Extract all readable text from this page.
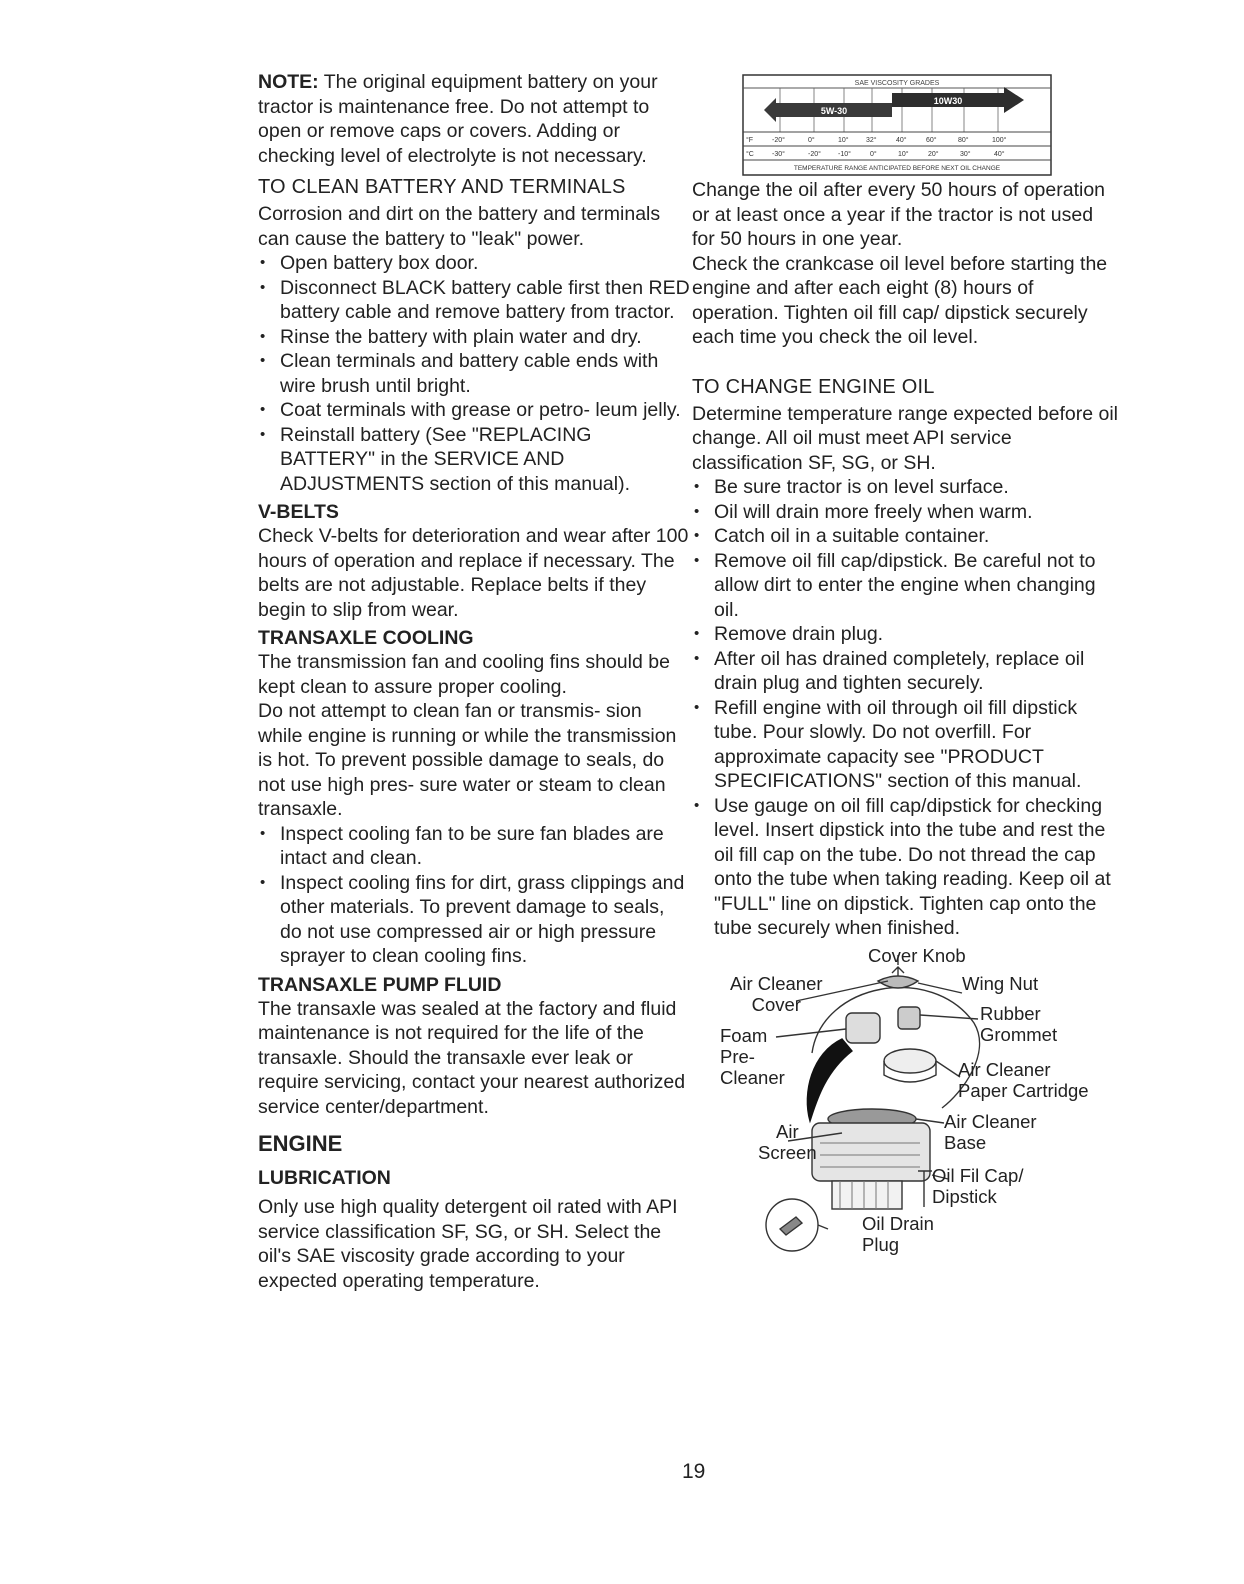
NOTE: The original equipment battery on your tractor is maintenance free. Do not attempt to open or remove caps or covers. Adding or checking level of electrolyte is not necessary.

TO CLEAN BATTERY AND TERMINALS

Corrosion and dirt on the battery and terminals can cause the battery to "leak" power.

• Open battery box door.
• Disconnect BLACK battery cable first then RED battery cable and remove battery from tractor.
• Rinse the battery with plain water and dry.
• Clean terminals and battery cable ends with wire brush until bright.
• Coat terminals with grease or petro- leum jelly.
• Reinstall battery (See "REPLACING BATTERY" in the SERVICE AND ADJUSTMENTS section of this manual).
V-BELTS

Check V-belts for deterioration and wear after 100 hours of operation and replace if necessary. The belts are not adjustable. Replace belts if they begin to slip from wear.

TRANSAXLE COOLING

The transmission fan and cooling fins should be kept clean to assure proper cooling.

Do not attempt to clean fan or transmis- sion while engine is running or while the transmission is hot. To prevent possible damage to seals, do not use high pres- sure water or steam to clean transaxle.

• Inspect cooling fan to be sure fan blades are intact and clean.
• Inspect cooling fins for dirt, grass clippings and other materials. To prevent damage to seals, do not use compressed air or high pressure sprayer to clean cooling fins.
TRANSAXLE PUMP FLUID

The transaxle was sealed at the factory and fluid maintenance is not required for the life of the transaxle. Should the transaxle ever leak or require servicing, contact your nearest authorized service center/department.

ENGINE
LUBRICATION

Only use high quality detergent oil rated with API service classification SF, SG, or SH. Select the oil's SAE viscosity grade according to your expected operating temperature.

SAE VISCOSITY GRADES
5W-30
10W30
°F	-20°	0°	10° 32°	40°	60°	80°	100°
°C	-30°	-20° -10°	0°	10°	20°	30°	40°
TEMPERATURE RANGE ANTICIPATED BEFORE NEXT OIL CHANGE

Change the oil after every 50 hours of operation or at least once a year if the tractor is not used for 50 hours in one year.

Check the crankcase oil level before starting the engine and after each eight (8) hours of operation. Tighten oil fill cap/ dipstick securely each time you check the oil level.

TO CHANGE ENGINE OIL

Determine temperature range expected before oil change. All oil must meet API service classification SF, SG, or SH.

• Be sure tractor is on level surface.
• Oil will drain more freely when warm.
• Catch oil in a suitable container.
• Remove oil fill cap/dipstick. Be careful not to allow dirt to enter the engine when changing oil.
• Remove drain plug.
• After oil has drained completely, replace oil drain plug and tighten securely.
• Refill engine with oil through oil fill dipstick tube. Pour slowly. Do not overfill. For approximate capacity see "PRODUCT SPECIFICATIONS" section of this manual.
• Use gauge on oil fill cap/dipstick for checking level. Insert dipstick into the tube and rest the oil fill cap on the tube. Do not thread the cap onto the tube when taking reading. Keep oil at "FULL" line on dipstick. Tighten cap onto the tube securely when finished.
Cover Knob
Air Cleaner
Cover
Wing Nut
Rubber
Grommet
Foam
Pre-
Cleaner	Air Cleaner
Paper Cartridge
Air Cleaner
Base
Air
Screen
Oil Fil Cap/
Dipstick
Oil Drain
Plug
19
